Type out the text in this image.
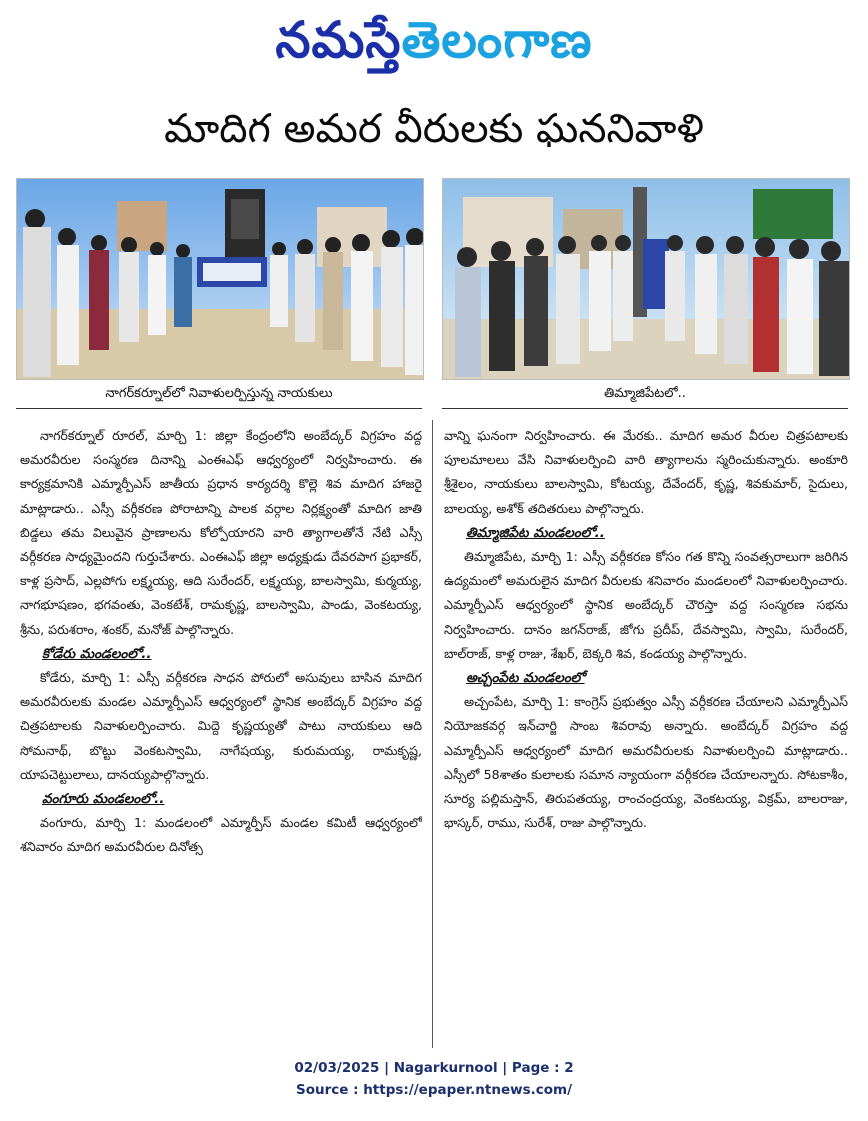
నమస్తేతెలంగాణ
మాదిగ అమర వీరులకు ఘననివాళి
నాగర్‌కర్నూల్‌లో నివాళులర్పిస్తున్న నాయకులు	తిమ్మాజిపేటలో..

నాగర్‌కర్నూల్ రూరల్, మార్చి 1: జిల్లా కేంద్రంలోని అంబేద్కర్ విగ్రహం వద్ద అమరవీరుల సంస్మరణ దినాన్ని ఎంఈఎఫ్ ఆధ్వర్యంలో నిర్వహించారు. ఈ కార్యక్రమానికి ఎమ్మార్పీఎస్ జాతీయ ప్రధాన కార్యదర్శి కొల్లె శివ మాదిగ హాజరై మాట్లాడారు.. ఎస్సీ వర్గీకరణ పోరాటాన్ని పాలక వర్గాల నిర్లక్ష్యంతో మాదిగ జాతి బిడ్డలు తమ విలువైన ప్రాణాలను కోల్పోయారని వారి త్యాగాలతోనే నేటి ఎస్సీ వర్గీకరణ సాధ్యమైందని గుర్తుచేశారు. ఎంఈఎఫ్ జిల్లా అధ్యక్షుడు దేవరపాగ ప్రభాకర్, కాళ్ల ప్రసాద్, ఎల్లపోగు లక్ష్మయ్య, ఆది సురేందర్, లక్ష్మయ్య, బాలస్వామి, కుర్మయ్య, నాగభూషణం, భగవంతు, వెంకటేశ్, రామకృష్ణ, బాలస్వామి, పాండు, వెంకటయ్య, శ్రీను, పరుశరాం, శంకర్, మనోజ్ పాల్గొన్నారు.

కోడేరు మండలంలో..

కోడేరు, మార్చి 1: ఎస్సీ వర్గీకరణ సాధన పోరులో అసువులు బాసిన మాదిగ అమరవీరులకు మండల ఎమ్మార్పీఎస్ ఆధ్వర్యంలో స్థానిక అంబేద్కర్ విగ్రహం వద్ద చిత్రపటాలకు నివాళులర్పించారు. మిద్దె కృష్ణయ్యతో పాటు నాయకులు ఆది సోమనాథ్, బొట్టు వెంకటస్వామి, నాగేషయ్య, కురుమయ్య, రామకృష్ణ, యాపచెట్టులాలు, దానయ్యపాల్గొన్నారు.

వంగూరు మండలంలో..

వంగూరు, మార్చి 1: మండలంలో ఎమ్మార్పీస్ మండల కమిటీ ఆధ్వర్యంలో శనివారం మాదిగ అమరవీరుల దినోత్స

వాన్ని ఘనంగా నిర్వహించారు. ఈ మేరకు.. మాదిగ అమర వీరుల చిత్రపటాలకు పూలమాలలు వేసి నివాళులర్పించి వారి త్యాగాలను స్మరించుకున్నారు. అంకూరి శ్రీశైలం, నాయకులు బాలస్వామి, కోటయ్య, దేవేందర్, కృష్ణ, శివకుమార్, సైదులు, బాలయ్య, అశోక్ తదితరులు పాల్గొన్నారు.

తిమ్మాజిపేట మండలంలో..

తిమ్మాజిపేట, మార్చి 1: ఎస్సీ వర్గీకరణ కోసం గత కొన్ని సంవత్సరాలుగా జరిగిన ఉద్యమంలో అమరులైన మాదిగ వీరులకు శనివారం మండలంలో నివాళులర్పించారు. ఎమ్మార్పీఎస్ ఆధ్వర్యంలో స్థానిక అంబేద్కర్ చౌరస్తా వద్ద సంస్మరణ సభను నిర్వహించారు. దానం జగన్‌రాజ్, జోగు ప్రదీప్, దేవస్వామి, స్వామి, సురేందర్, బాల్‌రాజ్, కాళ్ల రాజు, శేఖర్, బెక్కరి శివ, కండయ్య పాల్గొన్నారు.

అచ్చంపేట మండలంలో

అచ్చంపేట, మార్చి 1: కాంగ్రెస్ ప్రభుత్వం ఎస్సీ వర్గీకరణ చేయాలని ఎమ్మార్పీఎస్ నియోజకవర్గ ఇన్‌చార్జి సాంబ శివరావు అన్నారు. అంబేద్కర్ విగ్రహం వద్ద ఎమ్మార్పీఎస్ ఆధ్వర్యంలో మాదిగ అమరవీరులకు నివాళులర్పించి మాట్లాడారు.. ఎస్సీలో 58శాతం కులాలకు సమాన న్యాయంగా వర్గీకరణ చేయాలన్నారు. సోటకాశీం, సూర్య పల్లిమస్తాన్, తిరుపతయ్య, రాంచంద్రయ్య, వెంకటయ్య, విక్రమ్, బాలరాజు, భాస్కర్, రాము, సురేశ్, రాజు పాల్గొన్నారు.

02/03/2025 | Nagarkurnool | Page : 2
Source : https://epaper.ntnews.com/
